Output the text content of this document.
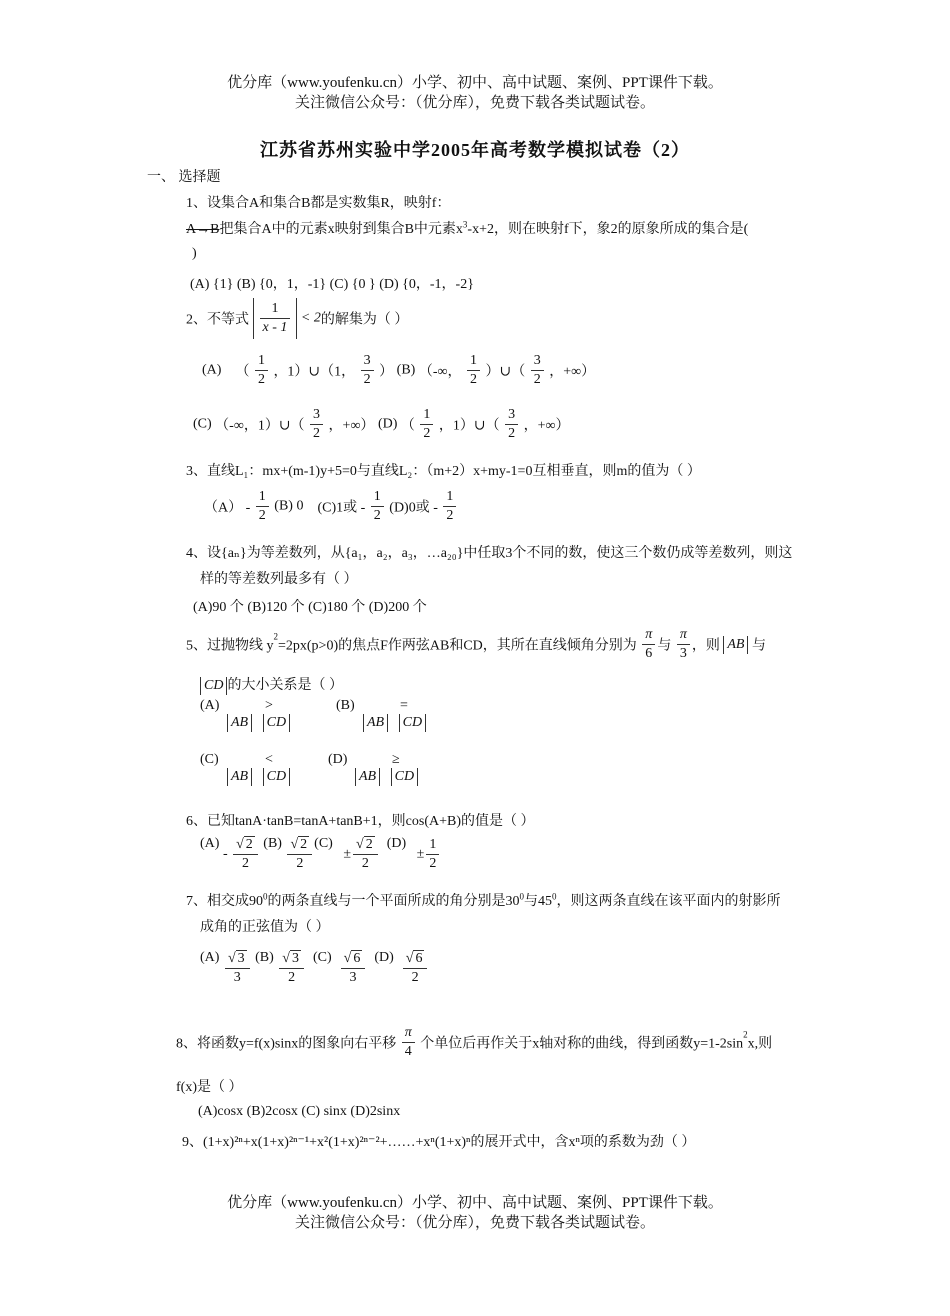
优分库（www.youfenku.cn）小学、初中、高中试题、案例、PPT课件下载。
关注微信公众号：（优分库），免费下载各类试题试卷。
江苏省苏州实验中学2005年高考数学模拟试卷（2）
一、 选择题
1、设集合A和集合B都是实数集R，映射f：
A→B把集合A中的元素x映射到集合B中元素$x^3-x+2$，则在映射f下，象2的原象所成的集合是(
)
(A) {1} (B) {0，1，-1} (C) {0 } (D) {0，-1，-2}
2、不等式 $\frac{1}{x - 1} < 2$的解集为（ ）
(A) （ $\frac{1}{2}$ ，1）∪（1， $\frac{3}{2}$ ） (B) （-∞， $\frac{1}{2}$ ）∪（ $\frac{3}{2}$ ，+∞）
(C) （-∞，1）∪（ $\frac{3}{2}$ ，+∞） (D) （ $\frac{1}{2}$ ，1）∪（ $\frac{3}{2}$ ，+∞）
3、直线L₁：mx+(m-1)y+5=0与直线L₂：（m+2）x+my-1=0互相垂直，则m的值为（ ）
$(A) - \frac{1}{2} (B)$ 0 (C)1或 - $\frac{1}{2} (D)0$或 - $\frac{1}{2}$
4、设{aₙ}为等差数列，从{a₁，a₂，a₃，…a₂₀}中任取3个不同的数，使这三个数仍成等差数列，则这
样的等差数列最多有（ ）
(A)90 个 (B)120 个 (C)180 个 (D)200 个
5、过抛物线 $y^2=2px(p>0)$的焦点F作两弦AB和CD，其所在直线倾角分别为 $\frac{\pi}{6}$ 与 $\frac{\pi}{3}$ ，则 AB 与
CD 的大小关系是（ ）
(A)	>
AB CD
(B)	=
AB CD
(C)	<
AB CD
(D)	≥
AB CD
6、已知tanA·tanB=tanA+tanB+1，则cos(A+B)的值是（ ）
$(A) - \frac{√ 2}{2} (B) \frac{√ 2}{2} (C) \pm \frac{√ 2}{2} (D) \pm \frac{1}{2}$
7、相交成$90^0$的两条直线与一个平面所成的角分别是$30^0$与$45^0$，则这两条直线在该平面内的射影所
成角的正弦值为（ ）
$(A) \frac{√ 3}{3} (B) \frac{√ 3}{2} (C) \frac{√ 6}{3} (D) \frac{√ 6}{2}$
8、将函数y=f(x)sinx的图象向右平移 $\frac{\pi}{4}$ 个单位后再作关于x轴对称的曲线，得到函数$y=1-2\sin^2x$,则
f(x)是（ ）
(A)cosx (B)2cosx (C) sinx (D)2sinx
9、(1+x)²ⁿ+x(1+x)²ⁿ⁻¹+x²(1+x)²ⁿ⁻²+……+xⁿ(1+x)ⁿ的展开式中，含xⁿ项的系数为劲（ ）
优分库（www.youfenku.cn）小学、初中、高中试题、案例、PPT课件下载。
关注微信公众号：（优分库），免费下载各类试题试卷。
